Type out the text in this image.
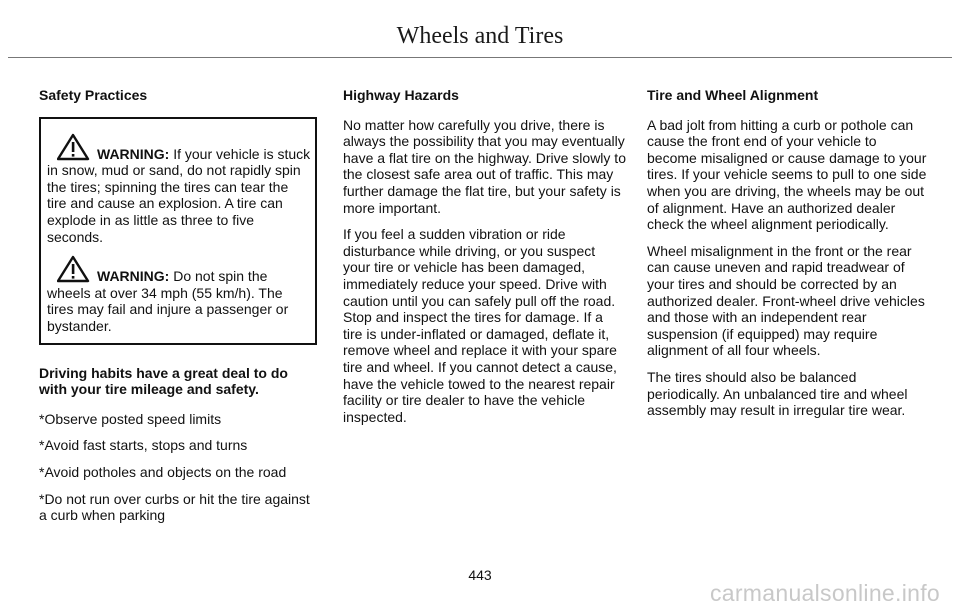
Wheels and Tires
Safety Practices

WARNING: If your vehicle is stuck in snow, mud or sand, do not rapidly spin the tires; spinning the tires can tear the tire and cause an explosion. A tire can explode in as little as three to five seconds.

WARNING: Do not spin the wheels at over 34 mph (55 km/h). The tires may fail and injure a passenger or bystander.

Driving habits have a great deal to do with your tire mileage and safety.

*Observe posted speed limits

*Avoid fast starts, stops and turns

*Avoid potholes and objects on the road

*Do not run over curbs or hit the tire against a curb when parking

Highway Hazards

No matter how carefully you drive, there is always the possibility that you may eventually have a flat tire on the highway. Drive slowly to the closest safe area out of traffic. This may further damage the flat tire, but your safety is more important.

If you feel a sudden vibration or ride disturbance while driving, or you suspect your tire or vehicle has been damaged, immediately reduce your speed. Drive with caution until you can safely pull off the road. Stop and inspect the tires for damage. If a tire is under-inflated or damaged, deflate it, remove wheel and replace it with your spare tire and wheel. If you cannot detect a cause, have the vehicle towed to the nearest repair facility or tire dealer to have the vehicle inspected.

Tire and Wheel Alignment

A bad jolt from hitting a curb or pothole can cause the front end of your vehicle to become misaligned or cause damage to your tires. If your vehicle seems to pull to one side when you are driving, the wheels may be out of alignment. Have an authorized dealer check the wheel alignment periodically.

Wheel misalignment in the front or the rear can cause uneven and rapid treadwear of your tires and should be corrected by an authorized dealer. Front-wheel drive vehicles and those with an independent rear suspension (if equipped) may require alignment of all four wheels.

The tires should also be balanced periodically. An unbalanced tire and wheel assembly may result in irregular tire wear.

443
carmanualsonline.info
